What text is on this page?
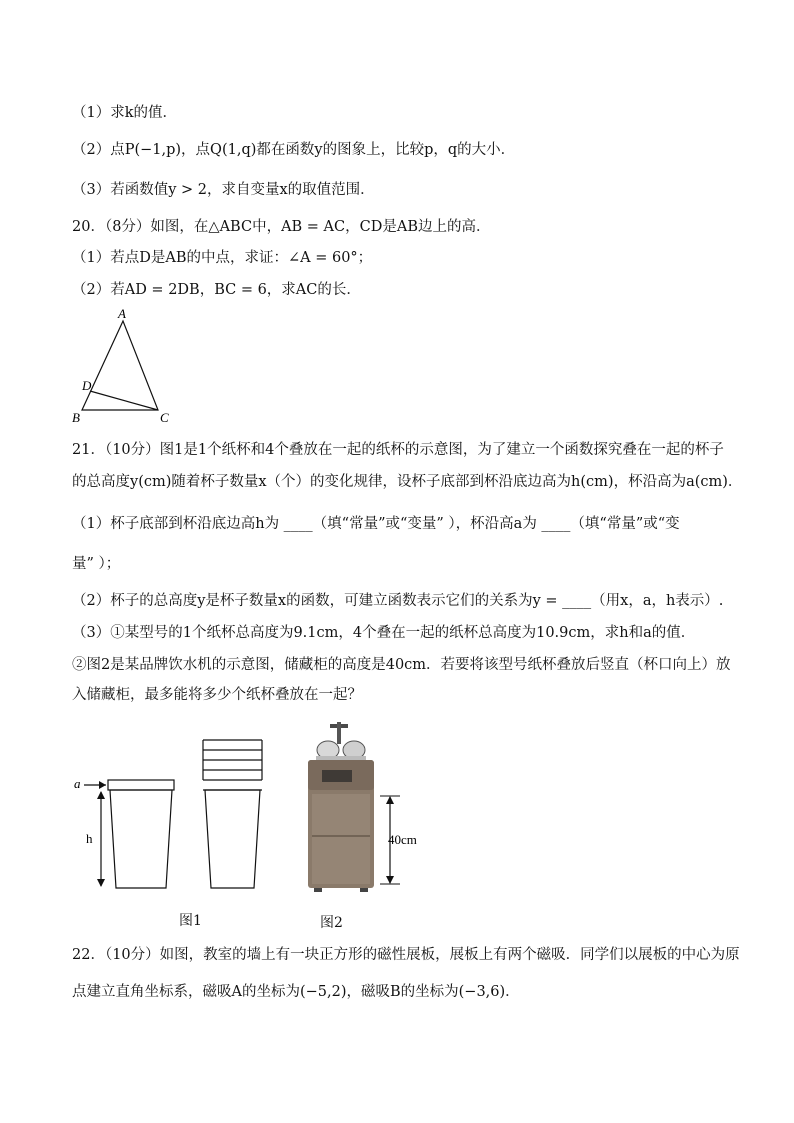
（1）求k的值．
（2）点P(−1,p)，点Q(1,q)都在函数y的图象上，比较p，q的大小．
（3）若函数值y > 2，求自变量x的取值范围．
20．（8分）如图，在△ABC中，AB = AC，CD是AB边上的高．
（1）若点D是AB的中点，求证：∠A = 60°；
（2）若AD = 2DB，BC = 6，求AC的长．
A
D
B	C
21．（10分）图1是1个纸杯和4个叠放在一起的纸杯的示意图，为了建立一个函数探究叠在一起的杯子
的总高度y(cm)随着杯子数量x（个）的变化规律，设杯子底部到杯沿底边高为h(cm)，杯沿高为a(cm)．
（1）杯子底部到杯沿底边高h为 ____（填“常量”或“变量” ），杯沿高a为 ____（填“常量”或“变
量” ）；
（2）杯子的总高度y是杯子数量x的函数，可建立函数表示它们的关系为y = ____（用x，a，h表示）.
（3）①某型号的1个纸杯总高度为9.1cm，4个叠在一起的纸杯总高度为10.9cm，求h和a的值．
②图2是某品牌饮水机的示意图，储藏柜的高度是40cm．若要将该型号纸杯叠放后竖直（杯口向上）放
入储藏柜，最多能将多少个纸杯叠放在一起？
a
h
图1
40cm
图2
22．（10分）如图，教室的墙上有一块正方形的磁性展板，展板上有两个磁吸．同学们以展板的中心为原
点建立直角坐标系，磁吸A的坐标为(−5,2)，磁吸B的坐标为(−3,6)．
